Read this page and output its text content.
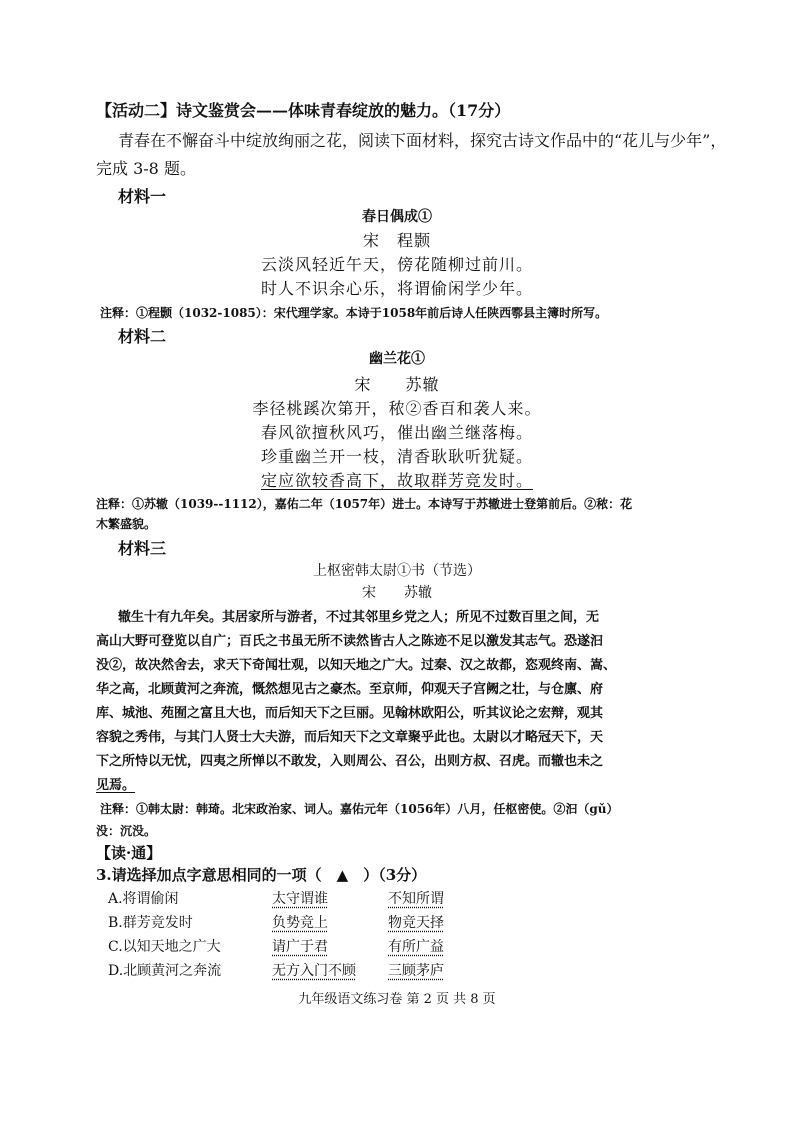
【活动二】诗文鉴赏会——体味青春绽放的魅力。（17分）
青春在不懈奋斗中绽放绚丽之花，阅读下面材料，探究古诗文作品中的“花儿与少年”，
完成 3-8 题。
材料一
春日偶成①
宋　程颢
云淡风轻近午天，傍花随柳过前川。
时人不识余心乐，将谓偷闲学少年。
注释：①程颢（1032-1085）：宋代理学家。本诗于1058年前后诗人任陕西鄠县主簿时所写。
材料二
幽兰花①
宋　　苏辙
李径桃蹊次第开，秾②香百和袭人来。
春风欲擅秋风巧，催出幽兰继落梅。
珍重幽兰开一枝，清香耿耿听犹疑。
定应欲较香高下，故取群芳竞发时。
注释：①苏辙（1039--1112），嘉佑二年（1057年）进士。本诗写于苏辙进士登第前后。②秾：花
木繁盛貌。
材料三
上枢密韩太尉①书（节选）
宋　　苏辙
辙生十有九年矣。其居家所与游者，不过其邻里乡党之人；所见不过数百里之间，无
高山大野可登览以自广；百氏之书虽无所不读然皆古人之陈迹不足以激发其志气。恐遂汩
没②，故决然舍去，求天下奇闻壮观，以知天地之广大。过秦、汉之故都，恣观终南、嵩、
华之高，北顾黄河之奔流，慨然想见古之豪杰。至京师，仰观天子宫阙之壮，与仓廪、府
库、城池、苑囿之富且大也，而后知天下之巨丽。见翰林欧阳公，听其议论之宏辩，观其
容貌之秀伟，与其门人贤士大夫游，而后知天下之文章聚乎此也。太尉以才略冠天下，天
下之所恃以无忧，四夷之所惮以不敢发，入则周公、召公，出则方叔、召虎。而辙也未之
见焉。
注释：①韩太尉：韩琦。北宋政治家、词人。嘉佑元年（1056年）八月，任枢密使。②汩（gǔ）
没：沉没。
【读·通】
3.请选择加点字意思相同的一项（　▲　）（3分）
A.将谓偷闲	太守谓谁	不知所谓
B.群芳竞发时	负势竞上	物竞天择
C.以知天地之广大	请广于君	有所广益
D.北顾黄河之奔流	无方入门不顾 三顾茅庐
九年级语文练习卷 第 2 页 共 8 页
